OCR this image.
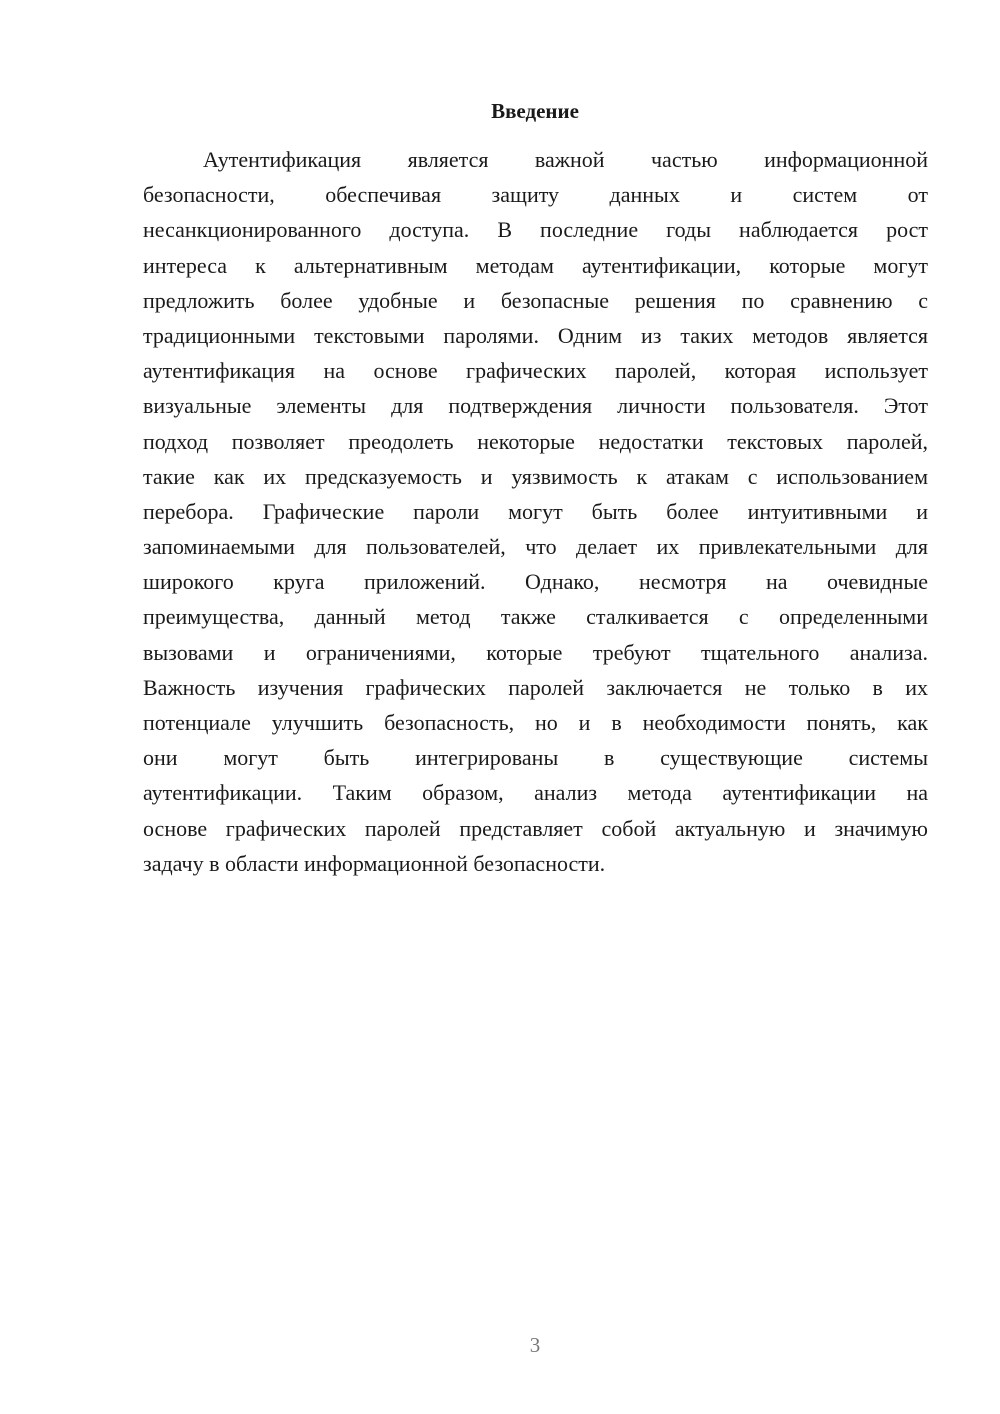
Введение
Аутентификация является важной частью информационной
безопасности, обеспечивая защиту данных и систем от
несанкционированного доступа. В последние годы наблюдается рост
интереса к альтернативным методам аутентификации, которые могут
предложить более удобные и безопасные решения по сравнению с
традиционными текстовыми паролями. Одним из таких методов является
аутентификация на основе графических паролей, которая использует
визуальные элементы для подтверждения личности пользователя. Этот
подход позволяет преодолеть некоторые недостатки текстовых паролей,
такие как их предсказуемость и уязвимость к атакам с использованием
перебора. Графические пароли могут быть более интуитивными и
запоминаемыми для пользователей, что делает их привлекательными для
широкого круга приложений. Однако, несмотря на очевидные
преимущества, данный метод также сталкивается с определенными
вызовами и ограничениями, которые требуют тщательного анализа.
Важность изучения графических паролей заключается не только в их
потенциале улучшить безопасность, но и в необходимости понять, как
они могут быть интегрированы в существующие системы
аутентификации. Таким образом, анализ метода аутентификации на
основе графических паролей представляет собой актуальную и значимую
задачу в области информационной безопасности.
3
